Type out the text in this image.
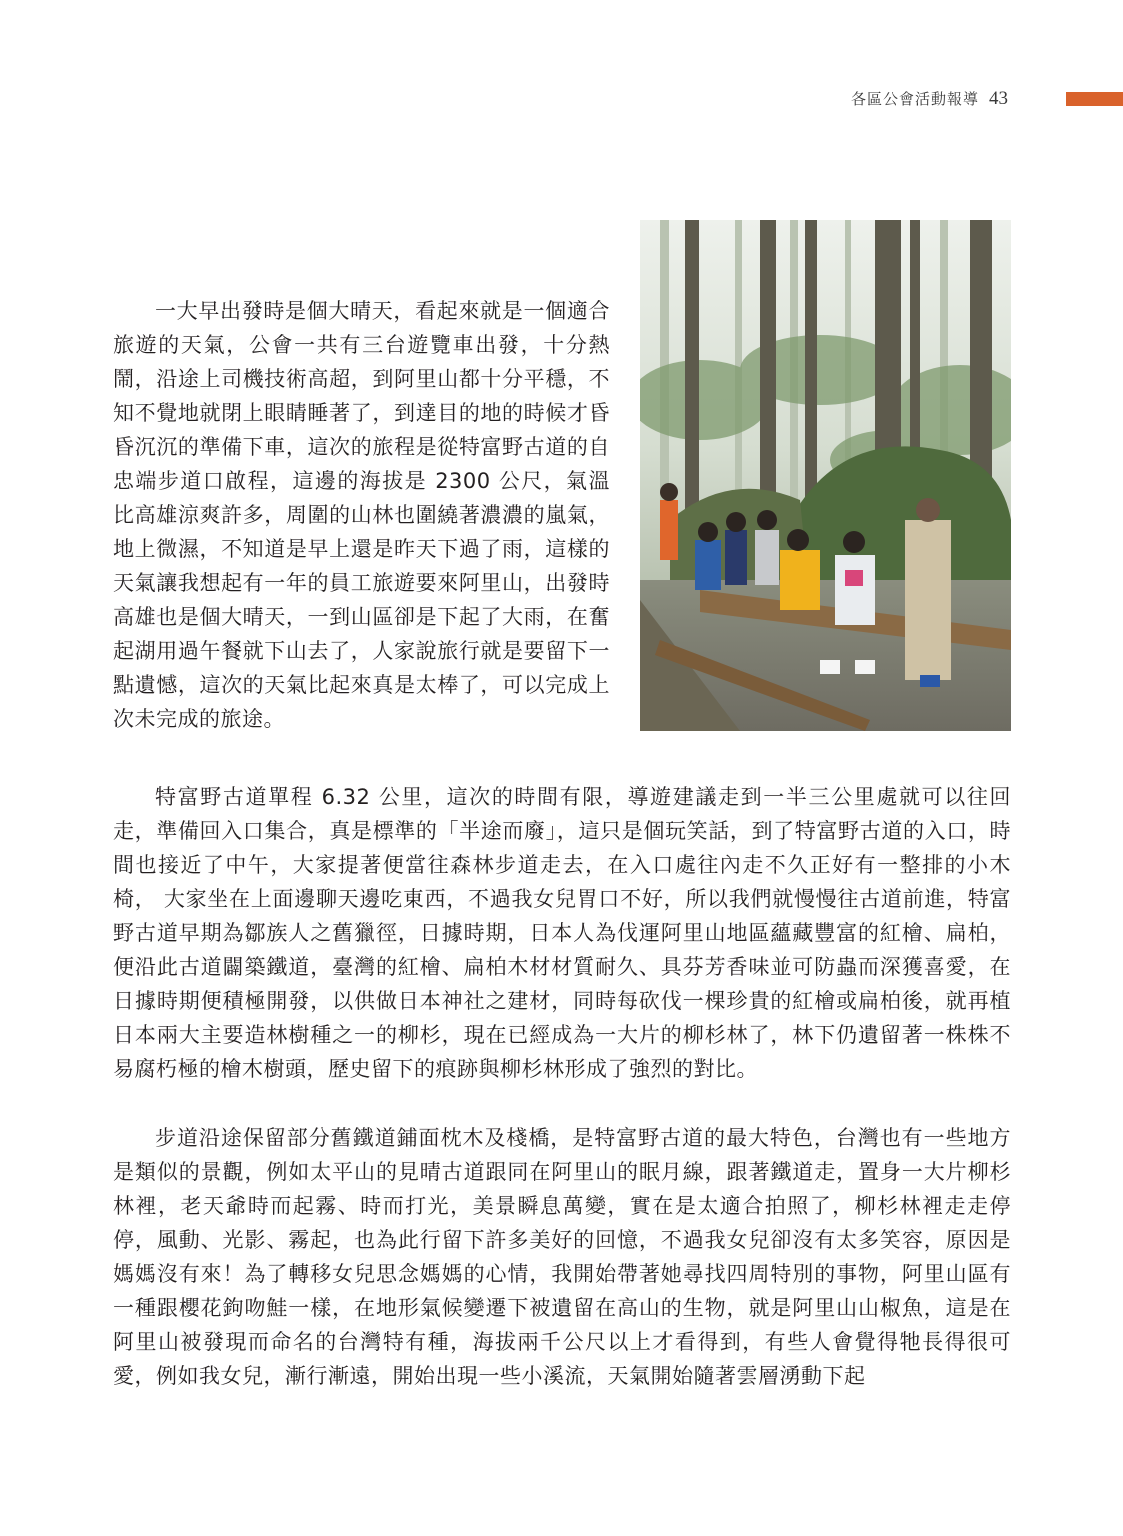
各區公會活動報導 43

一大早出發時是個大晴天，看起來就是一個適合旅遊的天氣，公會一共有三台遊覽車出發，十分熱鬧，沿途上司機技術高超，到阿里山都十分平穩，不知不覺地就閉上眼睛睡著了，到達目的地的時候才昏昏沉沉的準備下車，這次的旅程是從特富野古道的自忠端步道口啟程，這邊的海拔是 2300 公尺，氣溫比高雄涼爽許多，周圍的山林也圍繞著濃濃的嵐氣，地上微濕，不知道是早上還是昨天下過了雨，這樣的天氣讓我想起有一年的員工旅遊要來阿里山，出發時高雄也是個大晴天，一到山區卻是下起了大雨，在奮起湖用過午餐就下山去了，人家說旅行就是要留下一點遺憾，這次的天氣比起來真是太棒了，可以完成上次未完成的旅途。

特富野古道單程 6.32 公里，這次的時間有限，導遊建議走到一半三公里處就可以往回走，準備回入口集合，真是標準的「半途而廢」，這只是個玩笑話，到了特富野古道的入口，時間也接近了中午，大家提著便當往森林步道走去，在入口處往內走不久正好有一整排的小木椅， 大家坐在上面邊聊天邊吃東西，不過我女兒胃口不好，所以我們就慢慢往古道前進，特富野古道早期為鄒族人之舊獵徑，日據時期，日本人為伐運阿里山地區蘊藏豐富的紅檜、扁柏，便沿此古道闢築鐵道，臺灣的紅檜、扁柏木材材質耐久、具芬芳香味並可防蟲而深獲喜愛，在日據時期便積極開發，以供做日本神社之建材，同時每砍伐一棵珍貴的紅檜或扁柏後，就再植日本兩大主要造林樹種之一的柳杉，現在已經成為一大片的柳杉林了，林下仍遺留著一株株不易腐朽極的檜木樹頭，歷史留下的痕跡與柳杉林形成了強烈的對比。

步道沿途保留部分舊鐵道鋪面枕木及棧橋，是特富野古道的最大特色，台灣也有一些地方是類似的景觀，例如太平山的見晴古道跟同在阿里山的眠月線，跟著鐵道走，置身一大片柳杉林裡，老天爺時而起霧、時而打光，美景瞬息萬變，實在是太適合拍照了，柳杉林裡走走停停，風動、光影、霧起，也為此行留下許多美好的回憶，不過我女兒卻沒有太多笑容，原因是媽媽沒有來！為了轉移女兒思念媽媽的心情，我開始帶著她尋找四周特別的事物，阿里山區有一種跟櫻花鉤吻鮭一樣，在地形氣候變遷下被遺留在高山的生物，就是阿里山山椒魚，這是在阿里山被發現而命名的台灣特有種，海拔兩千公尺以上才看得到，有些人會覺得牠長得很可愛，例如我女兒，漸行漸遠，開始出現一些小溪流，天氣開始隨著雲層湧動下起
